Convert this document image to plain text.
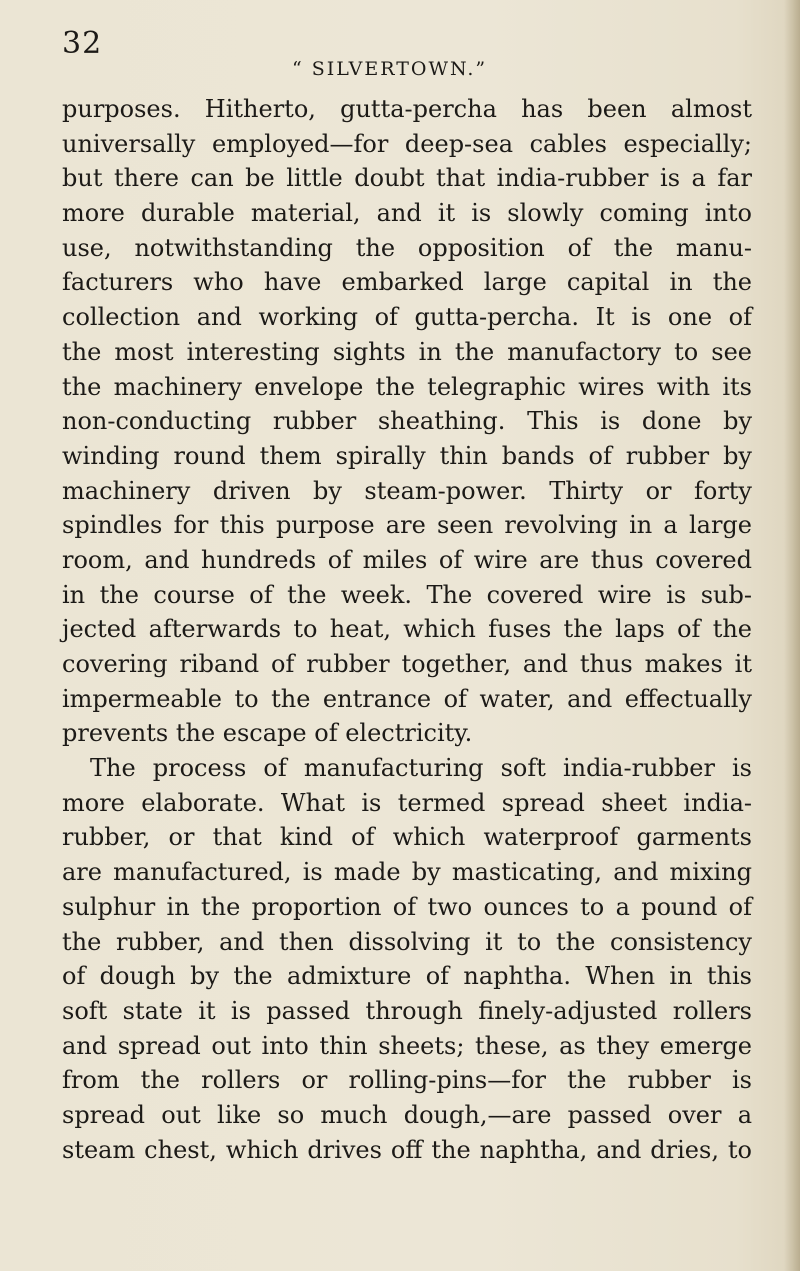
32
“ SILVERTOWN.”
purposes. Hitherto, gutta-percha has been almost
universally employed—for deep-sea cables especially;
but there can be little doubt that india-rubber is a far
more durable material, and it is slowly coming into
use, notwithstanding the opposition of the manu-
facturers who have embarked large capital in the
collection and working of gutta-percha. It is one of
the most interesting sights in the manufactory to see
the machinery envelope the telegraphic wires with its
non-conducting rubber sheathing. This is done by
winding round them spirally thin bands of rubber by
machinery driven by steam-power. Thirty or forty
spindles for this purpose are seen revolving in a large
room, and hundreds of miles of wire are thus covered
in the course of the week. The covered wire is sub-
jected afterwards to heat, which fuses the laps of the
covering riband of rubber together, and thus makes it
impermeable to the entrance of water, and effectually
prevents the escape of electricity.
The process of manufacturing soft india-rubber is
more elaborate. What is termed spread sheet india-
rubber, or that kind of which waterproof garments
are manufactured, is made by masticating, and mixing
sulphur in the proportion of two ounces to a pound of
the rubber, and then dissolving it to the consistency
of dough by the admixture of naphtha. When in this
soft state it is passed through finely-adjusted rollers
and spread out into thin sheets; these, as they emerge
from the rollers or rolling-pins—for the rubber is
spread out like so much dough,—are passed over a
steam chest, which drives off the naphtha, and dries, to
